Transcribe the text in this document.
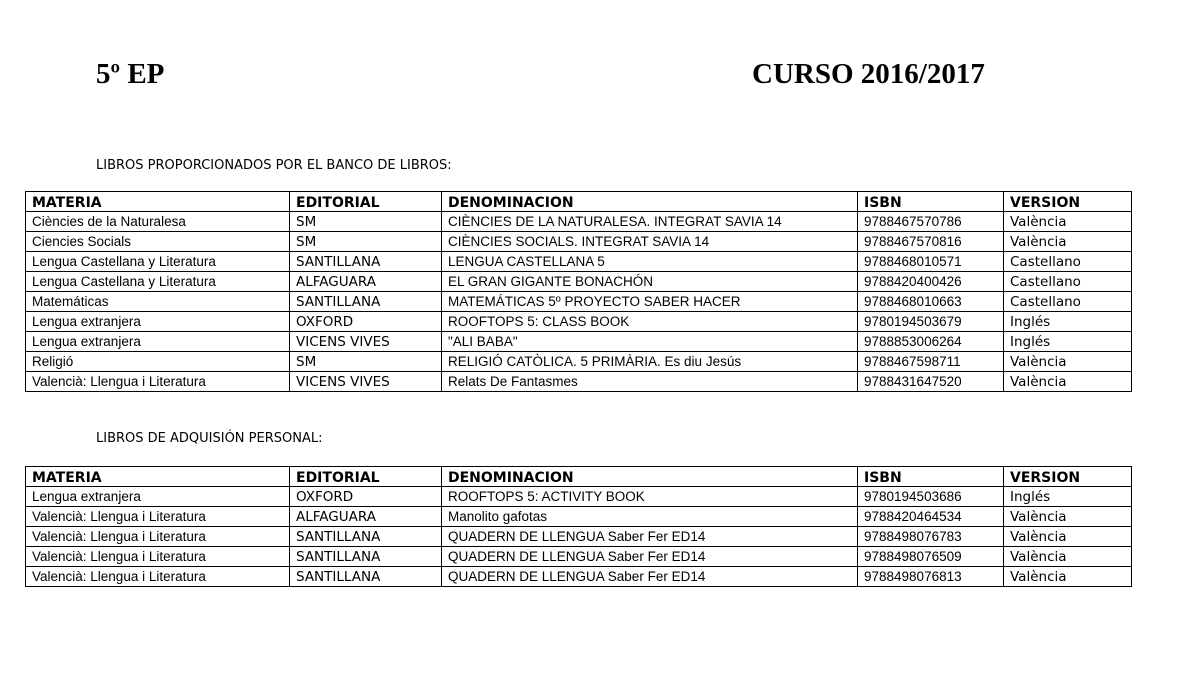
5º EP	CURSO 2016/2017
LIBROS PROPORCIONADOS POR EL BANCO DE LIBROS:
MATERIA	EDITORIAL	DENOMINACION	ISBN	VERSION
Ciències de la Naturalesa	SM	CIÈNCIES DE LA NATURALESA. INTEGRAT SAVIA 14	9788467570786	València
Ciencies Socials	SM	CIÈNCIES SOCIALS. INTEGRAT SAVIA 14	9788467570816	València
Lengua Castellana y Literatura	SANTILLANA	LENGUA CASTELLANA 5	9788468010571	Castellano
Lengua Castellana y Literatura	ALFAGUARA	EL GRAN GIGANTE BONACHÓN	9788420400426	Castellano
Matemáticas	SANTILLANA	MATEMÁTICAS 5º PROYECTO SABER HACER	9788468010663	Castellano
Lengua extranjera	OXFORD	ROOFTOPS 5: CLASS BOOK	9780194503679	Inglés
Lengua extranjera	VICENS VIVES	"ALI BABA"	9788853006264	Inglés
Religió	SM	RELIGIÓ CATÒLICA. 5 PRIMÀRIA. Es diu Jesús	9788467598711	València
Valencià: Llengua i Literatura	VICENS VIVES	Relats De Fantasmes	9788431647520	València
LIBROS DE ADQUISIÓN PERSONAL:
MATERIA	EDITORIAL	DENOMINACION	ISBN	VERSION
Lengua extranjera	OXFORD	ROOFTOPS 5: ACTIVITY BOOK	9780194503686	Inglés
Valencià: Llengua i Literatura	ALFAGUARA	Manolito gafotas	9788420464534	València
Valencià: Llengua i Literatura	SANTILLANA	QUADERN DE LLENGUA Saber Fer ED14	9788498076783	València
Valencià: Llengua i Literatura	SANTILLANA	QUADERN DE LLENGUA Saber Fer ED14	9788498076509	València
Valencià: Llengua i Literatura	SANTILLANA	QUADERN DE LLENGUA Saber Fer ED14	9788498076813	València
